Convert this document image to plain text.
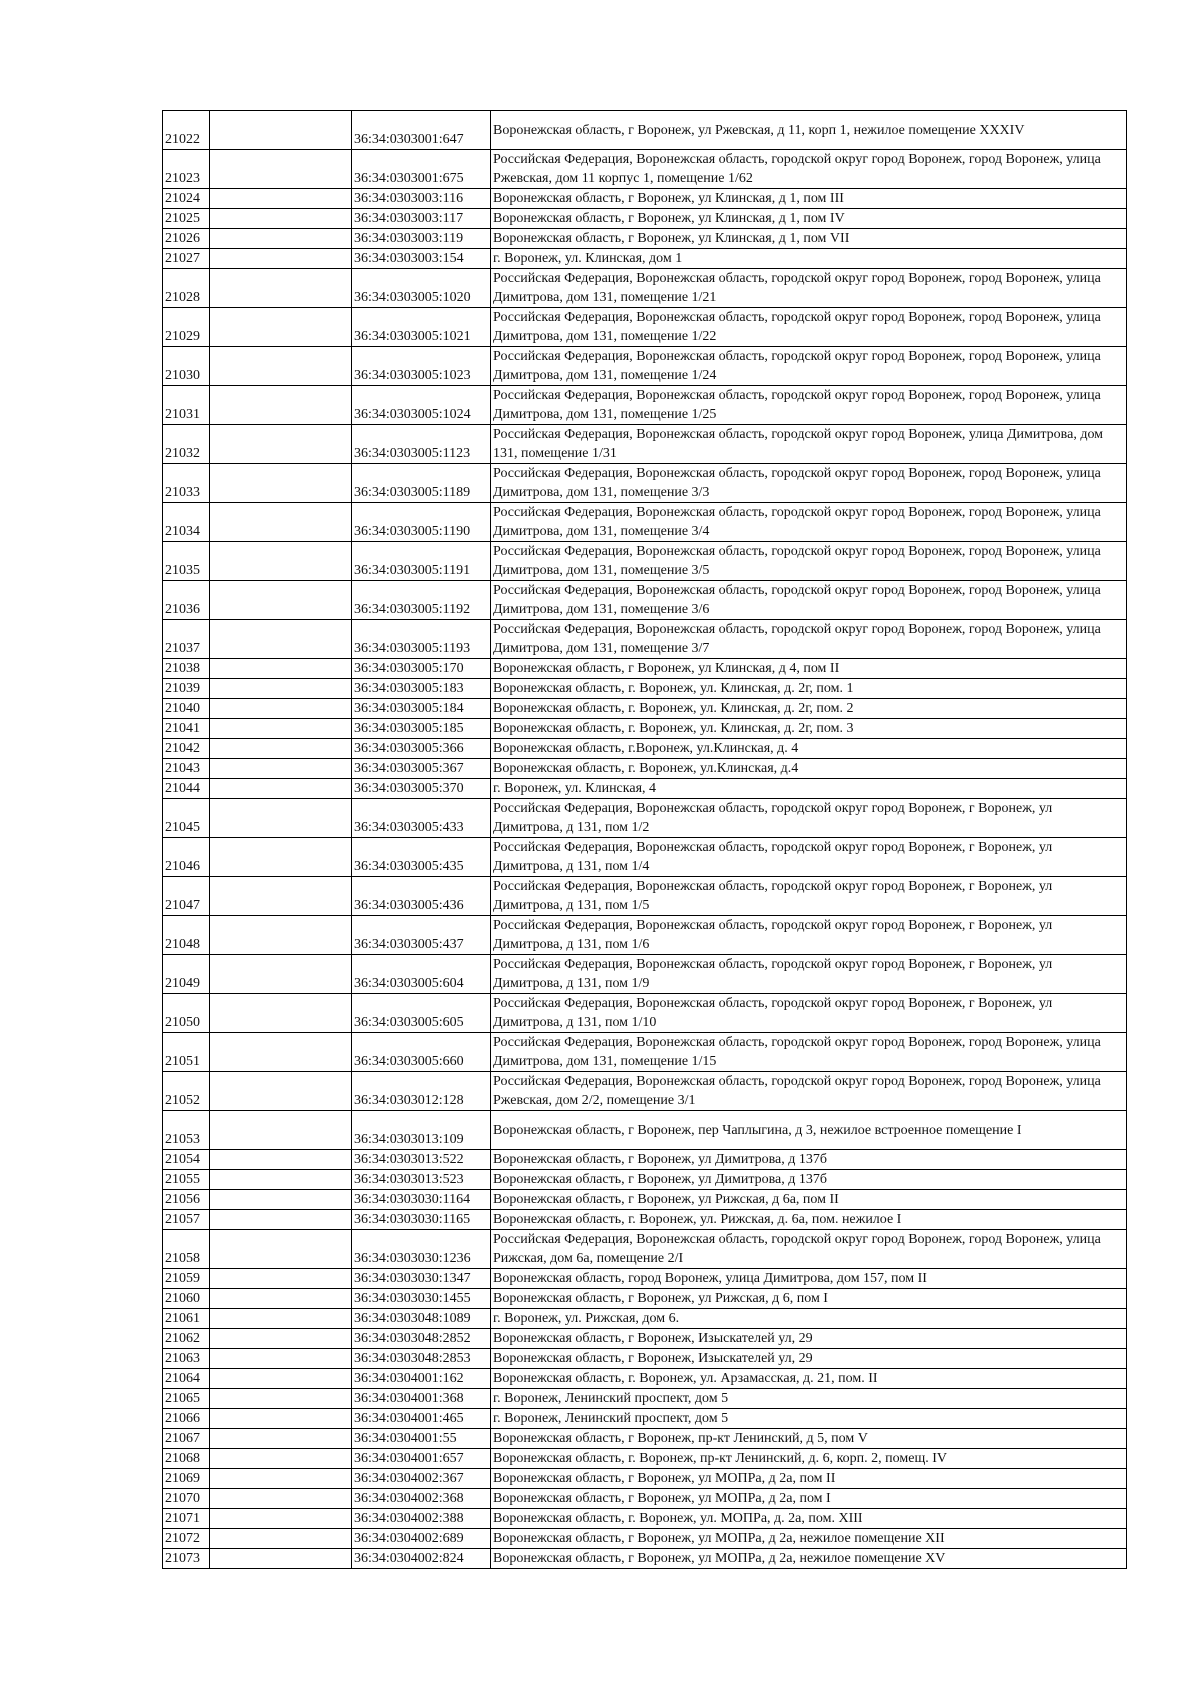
21022		36:34:0303001:647	Воронежская область, г Воронеж, ул Ржевская, д 11, корп 1, нежилое помещение XXXIV
21023		36:34:0303001:675	Российская Федерация, Воронежская область, городской округ город Воронеж, город Воронеж, улица Ржевская, дом 11 корпус 1, помещение 1/62
21024		36:34:0303003:116	Воронежская область, г Воронеж, ул Клинская, д 1, пом III
21025		36:34:0303003:117	Воронежская область, г Воронеж, ул Клинская, д 1, пом IV
21026		36:34:0303003:119	Воронежская область, г Воронеж, ул Клинская, д 1, пом VII
21027		36:34:0303003:154	г. Воронеж, ул. Клинская, дом 1
21028		36:34:0303005:1020	Российская Федерация, Воронежская область, городской округ город Воронеж, город Воронеж, улица Димитрова, дом 131, помещение 1/21
21029		36:34:0303005:1021	Российская Федерация, Воронежская область, городской округ город Воронеж, город Воронеж, улица Димитрова, дом 131, помещение 1/22
21030		36:34:0303005:1023	Российская Федерация, Воронежская область, городской округ город Воронеж, город Воронеж, улица Димитрова, дом 131, помещение 1/24
21031		36:34:0303005:1024	Российская Федерация, Воронежская область, городской округ город Воронеж, город Воронеж, улица Димитрова, дом 131, помещение 1/25
21032		36:34:0303005:1123	Российская Федерация, Воронежская область, городской округ город Воронеж, улица Димитрова, дом 131, помещение 1/31
21033		36:34:0303005:1189	Российская Федерация, Воронежская область, городской округ город Воронеж, город Воронеж, улица Димитрова, дом 131, помещение 3/3
21034		36:34:0303005:1190	Российская Федерация, Воронежская область, городской округ город Воронеж, город Воронеж, улица Димитрова, дом 131, помещение 3/4
21035		36:34:0303005:1191	Российская Федерация, Воронежская область, городской округ город Воронеж, город Воронеж, улица Димитрова, дом 131, помещение 3/5
21036		36:34:0303005:1192	Российская Федерация, Воронежская область, городской округ город Воронеж, город Воронеж, улица Димитрова, дом 131, помещение 3/6
21037		36:34:0303005:1193	Российская Федерация, Воронежская область, городской округ город Воронеж, город Воронеж, улица Димитрова, дом 131, помещение 3/7
21038		36:34:0303005:170	Воронежская область, г Воронеж, ул Клинская, д 4, пом II
21039		36:34:0303005:183	Воронежская область, г. Воронеж, ул. Клинская, д. 2г, пом. 1
21040		36:34:0303005:184	Воронежская область, г. Воронеж, ул. Клинская, д. 2г, пом. 2
21041		36:34:0303005:185	Воронежская область, г. Воронеж, ул. Клинская, д. 2г, пом. 3
21042		36:34:0303005:366	Воронежская область, г.Воронеж, ул.Клинская, д. 4
21043		36:34:0303005:367	Воронежская область, г. Воронеж, ул.Клинская, д.4
21044		36:34:0303005:370	г. Воронеж, ул. Клинская, 4
21045		36:34:0303005:433	Российская Федерация, Воронежская область, городской округ город Воронеж, г Воронеж, ул Димитрова, д 131, пом 1/2
21046		36:34:0303005:435	Российская Федерация, Воронежская область, городской округ город Воронеж, г Воронеж, ул Димитрова, д 131, пом 1/4
21047		36:34:0303005:436	Российская Федерация, Воронежская область, городской округ город Воронеж, г Воронеж, ул Димитрова, д 131, пом 1/5
21048		36:34:0303005:437	Российская Федерация, Воронежская область, городской округ город Воронеж, г Воронеж, ул Димитрова, д 131, пом 1/6
21049		36:34:0303005:604	Российская Федерация, Воронежская область, городской округ город Воронеж, г Воронеж, ул Димитрова, д 131, пом 1/9
21050		36:34:0303005:605	Российская Федерация, Воронежская область, городской округ город Воронеж, г Воронеж, ул Димитрова, д 131, пом 1/10
21051		36:34:0303005:660	Российская Федерация, Воронежская область, городской округ город Воронеж, город Воронеж, улица Димитрова, дом 131, помещение 1/15
21052		36:34:0303012:128	Российская Федерация, Воронежская область, городской округ город Воронеж, город Воронеж, улица Ржевская, дом 2/2, помещение 3/1
21053		36:34:0303013:109	Воронежская область, г Воронеж, пер Чаплыгина, д 3, нежилое встроенное помещение I
21054		36:34:0303013:522	Воронежская область, г Воронеж, ул Димитрова, д 137б
21055		36:34:0303013:523	Воронежская область, г Воронеж, ул Димитрова, д 137б
21056		36:34:0303030:1164	Воронежская область, г Воронеж, ул Рижская, д 6а, пом II
21057		36:34:0303030:1165	Воронежская область, г. Воронеж, ул. Рижская, д. 6а, пом. нежилое I
21058		36:34:0303030:1236	Российская Федерация, Воронежская область, городской округ город Воронеж, город Воронеж, улица Рижская, дом 6а, помещение 2/I
21059		36:34:0303030:1347	Воронежская область, город Воронеж, улица Димитрова, дом 157, пом II
21060		36:34:0303030:1455	Воронежская область, г Воронеж, ул Рижская, д 6, пом I
21061		36:34:0303048:1089	г. Воронеж, ул. Рижская, дом 6.
21062		36:34:0303048:2852	Воронежская область, г Воронеж, Изыскателей ул, 29
21063		36:34:0303048:2853	Воронежская область, г Воронеж, Изыскателей ул, 29
21064		36:34:0304001:162	Воронежская область, г. Воронеж, ул. Арзамасская, д. 21, пом. II
21065		36:34:0304001:368	г. Воронеж, Ленинский проспект, дом 5
21066		36:34:0304001:465	г. Воронеж, Ленинский проспект, дом 5
21067		36:34:0304001:55	Воронежская область, г Воронеж, пр-кт Ленинский, д 5, пом V
21068		36:34:0304001:657	Воронежская область, г. Воронеж, пр-кт Ленинский, д. 6, корп. 2, помещ. IV
21069		36:34:0304002:367	Воронежская область, г Воронеж, ул МОПРа, д 2а, пом II
21070		36:34:0304002:368	Воронежская область, г Воронеж, ул МОПРа, д 2а, пом I
21071		36:34:0304002:388	Воронежская область, г. Воронеж, ул. МОПРа, д. 2а, пом. XIII
21072		36:34:0304002:689	Воронежская область, г Воронеж, ул МОПРа, д 2а, нежилое помещение XII
21073		36:34:0304002:824	Воронежская область, г Воронеж, ул МОПРа, д 2а, нежилое помещение XV
